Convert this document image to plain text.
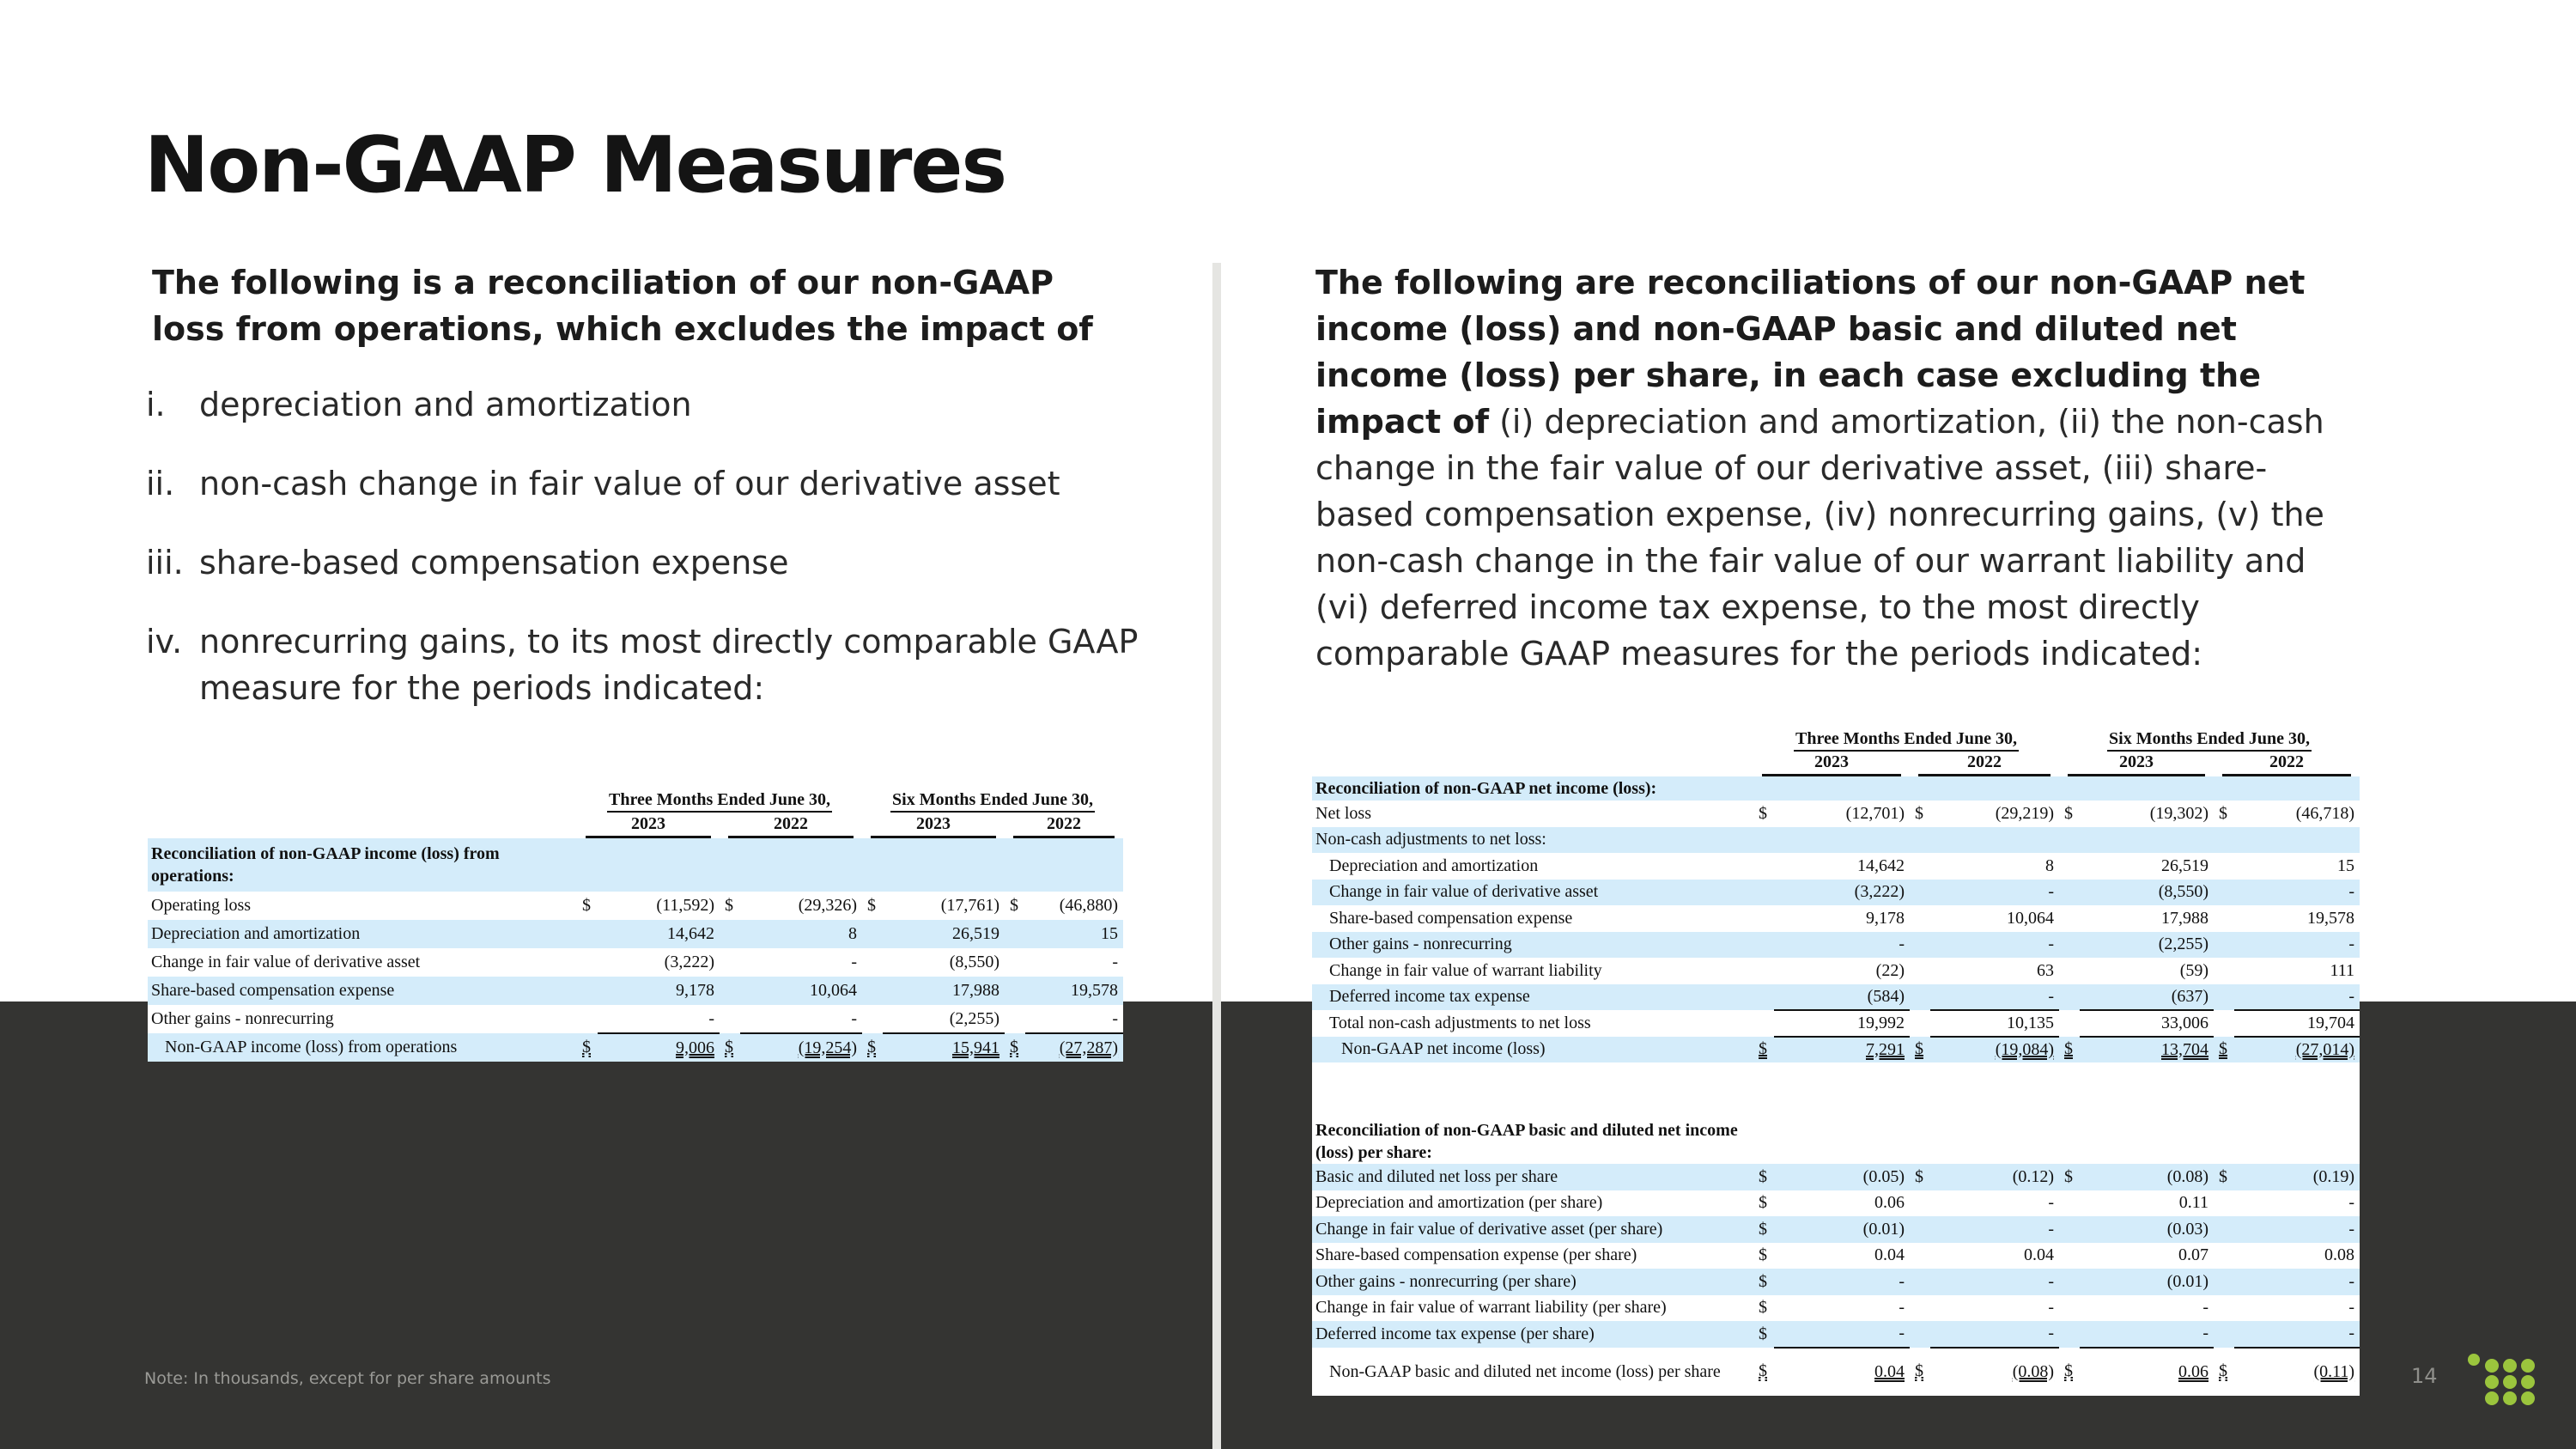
Non-GAAP Measures
The following is a reconciliation of our non-GAAP loss from operations, which excludes the impact of
i.	depreciation and amortization
ii. non-cash change in fair value of our derivative asset
iii. share-based compensation expense
iv. nonrecurring gains, to its most directly comparable GAAP measure for the periods indicated:
	Three Months Ended June 30,				Six Months Ended June 30,			

	2023		2022		2023		2022	

Reconciliation of non-GAAP income (loss) from operations:								
Operating loss	$	(11,592)	$	(29,326)	$	(17,761)	$	(46,880)
Depreciation and amortization		14,642		8		26,519		15
Change in fair value of derivative asset		(3,222)		-		(8,550)		-
Share-based compensation expense		9,178		10,064		17,988		19,578
Other gains - nonrecurring		-		-		(2,255)		-
Non-GAAP income (loss) from operations	$	9,006	$	(19,254)	$	15,941	$	(27,287)
The following are reconciliations of our non-GAAP net income (loss) and non-GAAP basic and diluted net income (loss) per share, in each case excluding the impact of (i) depreciation and amortization, (ii) the non-cash change in the fair value of our derivative asset, (iii) share-based compensation expense, (iv) nonrecurring gains, (v) the non-cash change in the fair value of our warrant liability and (vi) deferred income tax expense, to the most directly comparable GAAP measures for the periods indicated:
	Three Months Ended June 30,				Six Months Ended June 30,			

	2023		2022		2023		2022	

Reconciliation of non-GAAP net income (loss):								
Net loss	$	(12,701)	$	(29,219)	$	(19,302)	$	(46,718)
Non-cash adjustments to net loss:								
Depreciation and amortization		14,642		8		26,519		15
Change in fair value of derivative asset		(3,222)		-		(8,550)		-
Share-based compensation expense		9,178		10,064		17,988		19,578
Other gains - nonrecurring		-		-		(2,255)		-
Change in fair value of warrant liability		(22)		63		(59)		111
Deferred income tax expense		(584)		-		(637)		-
Total non-cash adjustments to net loss		19,992		10,135		33,006		19,704
Non-GAAP net income (loss)	$	7,291	$	(19,084)	$	13,704	$	(27,014)

Reconciliation of non-GAAP basic and diluted net income (loss) per share:								
Basic and diluted net loss per share	$	(0.05)	$	(0.12)	$	(0.08)	$	(0.19)
Depreciation and amortization (per share)	$	0.06		-		0.11		-
Change in fair value of derivative asset (per share)	$	(0.01)		-		(0.03)		-
Share-based compensation expense (per share)	$	0.04		0.04		0.07		0.08
Other gains - nonrecurring (per share)	$	-		-		(0.01)		-
Change in fair value of warrant liability (per share)	$	-		-		-		-
Deferred income tax expense (per share)	$	-		-		-		-
Non-GAAP basic and diluted net income (loss) per share	$	0.04	$	(0.08)	$	0.06	$	(0.11)
Note: In thousands, except for per share amounts	14
